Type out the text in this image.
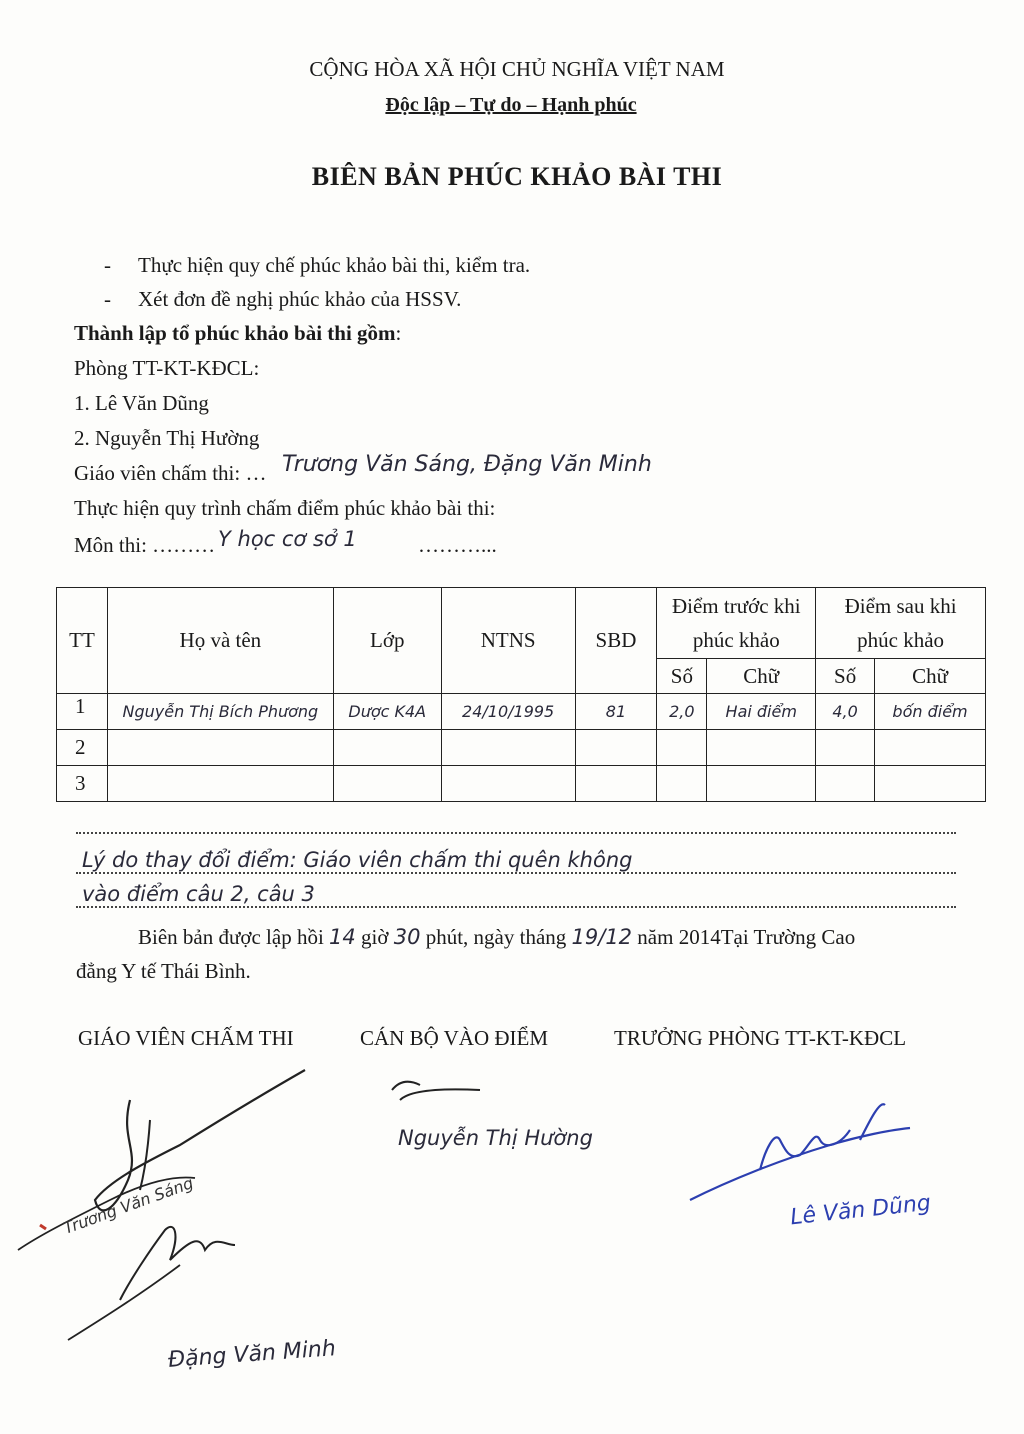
CỘNG HÒA XÃ HỘI CHỦ NGHĨA VIỆT NAM
Độc lập – Tự do – Hạnh phúc
BIÊN BẢN PHÚC KHẢO BÀI THI
- Thực hiện quy chế phúc khảo bài thi, kiểm tra.
- Xét đơn đề nghị phúc khảo của HSSV.
Thành lập tổ phúc khảo bài thi gồm:
Phòng TT-KT-KĐCL:
1. Lê Văn Dũng
2. Nguyễn Thị Hường
Giáo viên chấm thi: … Trương Văn Sáng, Đặng Văn Minh
Thực hiện quy trình chấm điểm phúc khảo bài thi:
Môn thi: ……… Y học cơ sở 1	………...
TT	Họ và tên	Lớp	NTNS	SBD	Điểm trước khi phúc khảo		Điểm sau khi phúc khảo	
					Số	Chữ	Số	Chữ
1	Nguyễn Thị Bích Phương	Dược K4A	24/10/1995	81	2,0	Hai điểm	4,0	bốn điểm
2								
3								
Lý do thay đổi điểm: Giáo viên chấm thi quên không
vào điểm câu 2, câu 3
Biên bản được lập hồi 14 giờ 30 phút, ngày tháng 19/12 năm 2014Tại Trường Cao
đẳng Y tế Thái Bình.
GIÁO VIÊN CHẤM THI	CÁN BỘ VÀO ĐIỂM	TRƯỞNG PHÒNG TT-KT-KĐCL
Đặng Văn Minh
Nguyễn Thị Hường
Lê Văn Dũng
Trương Văn Sáng
